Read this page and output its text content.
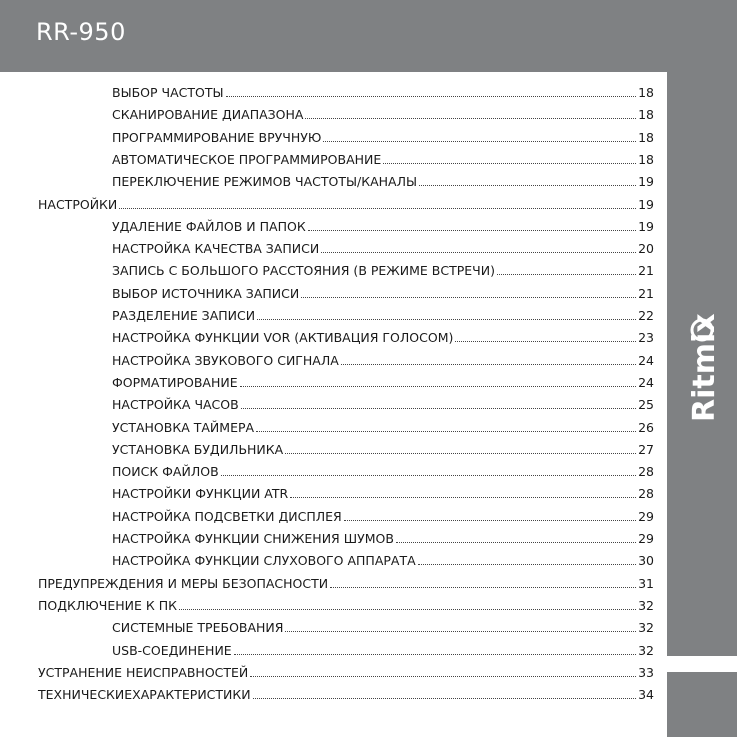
RR-950
Ritmix
ВЫБОР ЧАСТОТЫ	18
СКАНИРОВАНИЕ ДИАПАЗОНА	18
ПРОГРАММИРОВАНИЕ ВРУЧНУЮ	18
АВТОМАТИЧЕСКОЕ ПРОГРАММИРОВАНИЕ	18
ПЕРЕКЛЮЧЕНИЕ РЕЖИМОВ ЧАСТОТЫ/КАНАЛЫ	19
НАСТРОЙКИ	19
УДАЛЕНИЕ ФАЙЛОВ И ПАПОК	19
НАСТРОЙКА КАЧЕСТВА ЗАПИСИ	20
ЗАПИСЬ С БОЛЬШОГО РАССТОЯНИЯ (В РЕЖИМЕ ВСТРЕЧИ)	21
ВЫБОР ИСТОЧНИКА ЗАПИСИ	21
РАЗДЕЛЕНИЕ ЗАПИСИ	22
НАСТРОЙКА ФУНКЦИИ VOR (АКТИВАЦИЯ ГОЛОСОМ)	23
НАСТРОЙКА ЗВУКОВОГО СИГНАЛА	24
ФОРМАТИРОВАНИЕ	24
НАСТРОЙКА ЧАСОВ	25
УСТАНОВКА ТАЙМЕРА	26
УСТАНОВКА БУДИЛЬНИКА	27
ПОИСК ФАЙЛОВ	28
НАСТРОЙКИ ФУНКЦИИ ATR	28
НАСТРОЙКА ПОДСВЕТКИ ДИСПЛЕЯ	29
НАСТРОЙКА ФУНКЦИИ СНИЖЕНИЯ ШУМОВ	29
НАСТРОЙКА ФУНКЦИИ СЛУХОВОГО АППАРАТА	30
ПРЕДУПРЕЖДЕНИЯ И МЕРЫ БЕЗОПАСНОСТИ	31
ПОДКЛЮЧЕНИЕ К ПК	32
СИСТЕМНЫЕ ТРЕБОВАНИЯ	32
USB-СОЕДИНЕНИЕ	32
УСТРАНЕНИЕ НЕИСПРАВНОСТЕЙ	33
ТЕХНИЧЕСКИЕХАРАКТЕРИСТИКИ	34
